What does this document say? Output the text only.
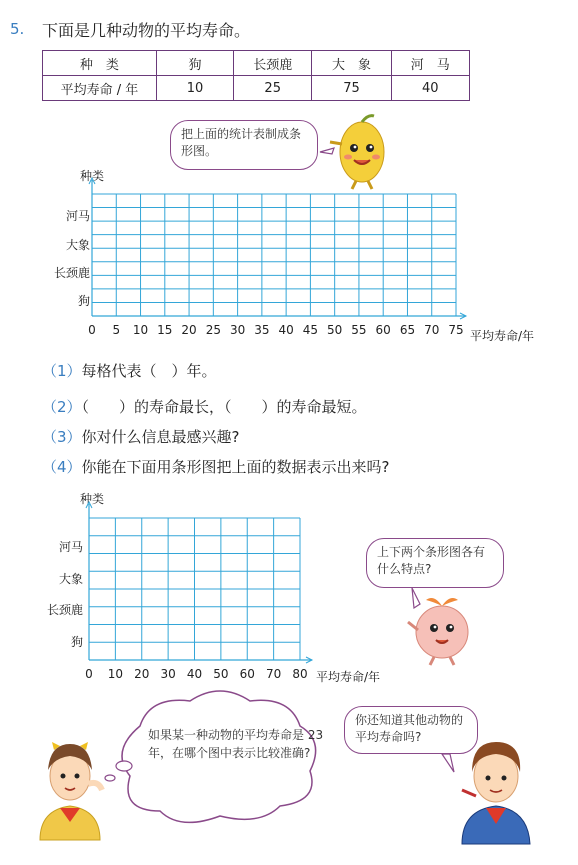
5. 下面是几种动物的平均寿命。
种　类	狗	长颈鹿	大　象	河　马
平均寿命 / 年	10	25	75	40
把上面的统计表制成条形图。
种类
河马
大象
长颈鹿
狗
0	5	10 15 20 25 30 35 40 45 50 55 60 65 70 75 平均寿命/年
（1）每格代表（　）年。
（2）（　　）的寿命最长，（　　）的寿命最短。
（3）你对什么信息最感兴趣?
（4）你能在下面用条形图把上面的数据表示出来吗?
种类
河马
大象
长颈鹿
狗
0	10 20 30 40 50 60 70 80 平均寿命/年
上下两个条形图各有什么特点?
如果某一种动物的平均寿命是 23 年，在哪个图中表示比较准确?
你还知道其他动物的平均寿命吗?
